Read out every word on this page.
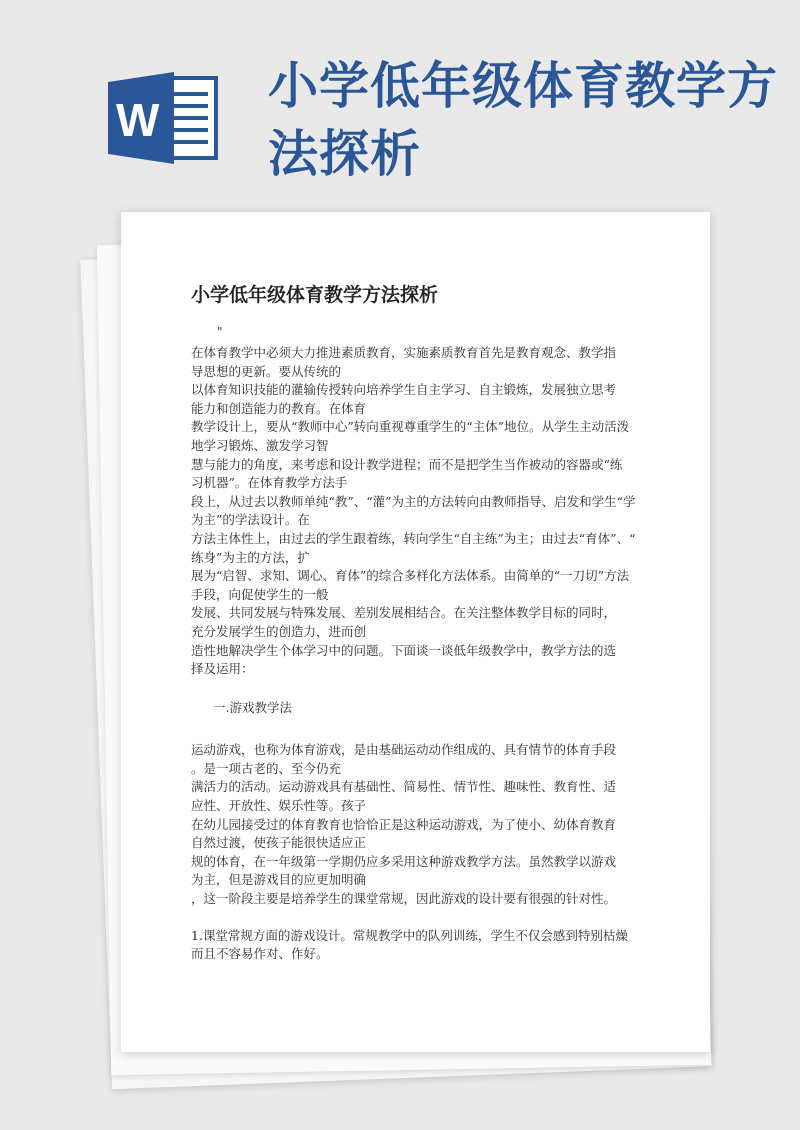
W
小学低年级体育教学方
法探析
小学低年级体育教学方法探析
"
在体育教学中必须大力推进素质教育，实施素质教育首先是教育观念、教学指
导思想的更新。要从传统的
以体育知识技能的灌输传授转向培养学生自主学习、自主锻炼，发展独立思考
能力和创造能力的教育。在体育
教学设计上，要从“教师中心”转向重视尊重学生的“主体”地位。从学生主动活泼
地学习锻炼、激发学习智
慧与能力的角度，来考虑和设计教学进程；而不是把学生当作被动的容器或“练
习机器”。在体育教学方法手
段上，从过去以教师单纯“教”、“灌”为主的方法转向由教师指导、启发和学生“学
为主”的学法设计。在
方法主体性上，由过去的学生跟着练，转向学生“自主练”为主；由过去“育体”、“
练身”为主的方法，扩
展为“启智、求知、调心、育体”的综合多样化方法体系。由简单的“一刀切”方法
手段，向促使学生的一般
发展、共同发展与特殊发展、差别发展相结合。在关注整体教学目标的同时，
充分发展学生的创造力，进而创
造性地解决学生个体学习中的问题。下面谈一谈低年级教学中，教学方法的选
择及运用：
一.游戏教学法
运动游戏，也称为体育游戏，是由基础运动动作组成的、具有情节的体育手段
。是一项古老的、至今仍充
满活力的活动。运动游戏具有基础性、简易性、情节性、趣味性、教育性、适
应性、开放性、娱乐性等。孩子
在幼儿园接受过的体育教育也恰恰正是这种运动游戏，为了使小、幼体育教育
自然过渡，使孩子能很快适应正
规的体育，在一年级第一学期仍应多采用这种游戏教学方法。虽然教学以游戏
为主，但是游戏目的应更加明确
，这一阶段主要是培养学生的课堂常规，因此游戏的设计要有很强的针对性。
1.课堂常规方面的游戏设计。常规教学中的队列训练，学生不仅会感到特别枯燥
而且不容易作对、作好。
